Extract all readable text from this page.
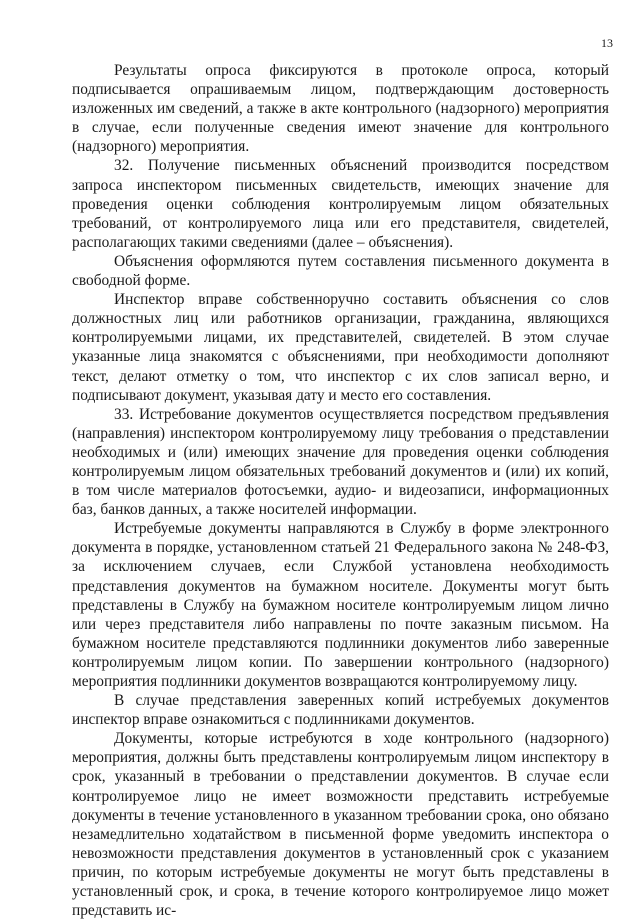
13

Результаты опроса фиксируются в протоколе опроса, который подписывается опрашиваемым лицом, подтверждающим достоверность изложенных им сведений, а также в акте контрольного (надзорного) мероприятия в случае, если полученные сведения имеют значение для контрольного (надзорного) мероприятия.

32. Получение письменных объяснений производится посредством запроса инспектором письменных свидетельств, имеющих значение для проведения оценки соблюдения контролируемым лицом обязательных требований, от контролируемого лица или его представителя, свидетелей, располагающих такими сведениями (далее – объяснения).

Объяснения оформляются путем составления письменного документа в свободной форме.

Инспектор вправе собственноручно составить объяснения со слов должностных лиц или работников организации, гражданина, являющихся контролируемыми лицами, их представителей, свидетелей. В этом случае указанные лица знакомятся с объяснениями, при необходимости дополняют текст, делают отметку о том, что инспектор с их слов записал верно, и подписывают документ, указывая дату и место его составления.

33. Истребование документов осуществляется посредством предъявления (направления) инспектором контролируемому лицу требования о представлении необходимых и (или) имеющих значение для проведения оценки соблюдения контролируемым лицом обязательных требований документов и (или) их копий, в том числе материалов фотосъемки, аудио- и видеозаписи, информационных баз, банков данных, а также носителей информации.

Истребуемые документы направляются в Службу в форме электронного документа в порядке, установленном статьей 21 Федерального закона № 248-ФЗ, за исключением случаев, если Службой установлена необходимость представления документов на бумажном носителе. Документы могут быть представлены в Службу на бумажном носителе контролируемым лицом лично или через представителя либо направлены по почте заказным письмом. На бумажном носителе представляются подлинники документов либо заверенные контролируемым лицом копии. По завершении контрольного (надзорного) мероприятия подлинники документов возвращаются контролируемому лицу.

В случае представления заверенных копий истребуемых документов инспектор вправе ознакомиться с подлинниками документов.

Документы, которые истребуются в ходе контрольного (надзорного) мероприятия, должны быть представлены контролируемым лицом инспектору в срок, указанный в требовании о представлении документов. В случае если контролируемое лицо не имеет возможности представить истребуемые документы в течение установленного в указанном требовании срока, оно обязано незамедлительно ходатайством в письменной форме уведомить инспектора о невозможности представления документов в установленный срок с указанием причин, по которым истребуемые документы не могут быть представлены в установленный срок, и срока, в течение которого контролируемое лицо может представить ис-
